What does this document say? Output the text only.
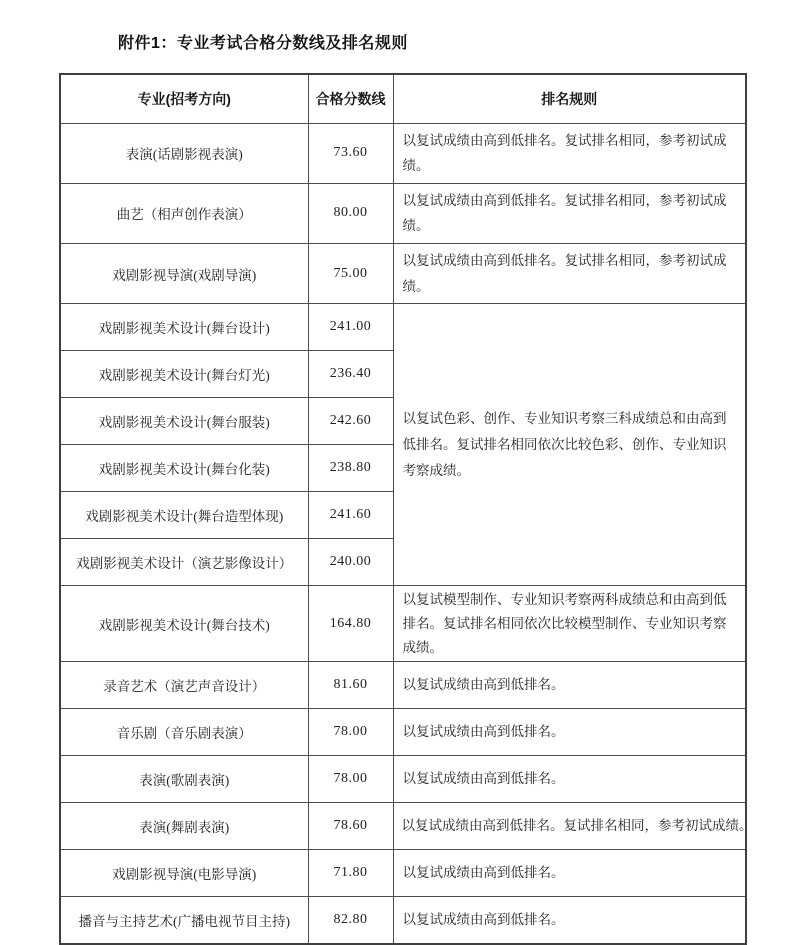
附件1：专业考试合格分数线及排名规则
专业(招考方向)	合格分数线	排名规则
表演(话剧影视表演)	73.60	以复试成绩由高到低排名。复试排名相同，参考初试成绩。
曲艺（相声创作表演）	80.00	以复试成绩由高到低排名。复试排名相同，参考初试成绩。
戏剧影视导演(戏剧导演)	75.00	以复试成绩由高到低排名。复试排名相同，参考初试成绩。
戏剧影视美术设计(舞台设计)	241.00	以复试色彩、创作、专业知识考察三科成绩总和由高到低排名。复试排名相同依次比较色彩、创作、专业知识考察成绩。
戏剧影视美术设计(舞台灯光)	236.40	
戏剧影视美术设计(舞台服装)	242.60	
戏剧影视美术设计(舞台化装)	238.80	
戏剧影视美术设计(舞台造型体现)	241.60	
戏剧影视美术设计（演艺影像设计）	240.00	
戏剧影视美术设计(舞台技术)	164.80	以复试模型制作、专业知识考察两科成绩总和由高到低排名。复试排名相同依次比较模型制作、专业知识考察成绩。
录音艺术（演艺声音设计）	81.60	以复试成绩由高到低排名。
音乐剧（音乐剧表演）	78.00	以复试成绩由高到低排名。
表演(歌剧表演)	78.00	以复试成绩由高到低排名。
表演(舞剧表演)	78.60	以复试成绩由高到低排名。复试排名相同，参考初试成绩。
戏剧影视导演(电影导演)	71.80	以复试成绩由高到低排名。
播音与主持艺术(广播电视节目主持)	82.80	以复试成绩由高到低排名。
